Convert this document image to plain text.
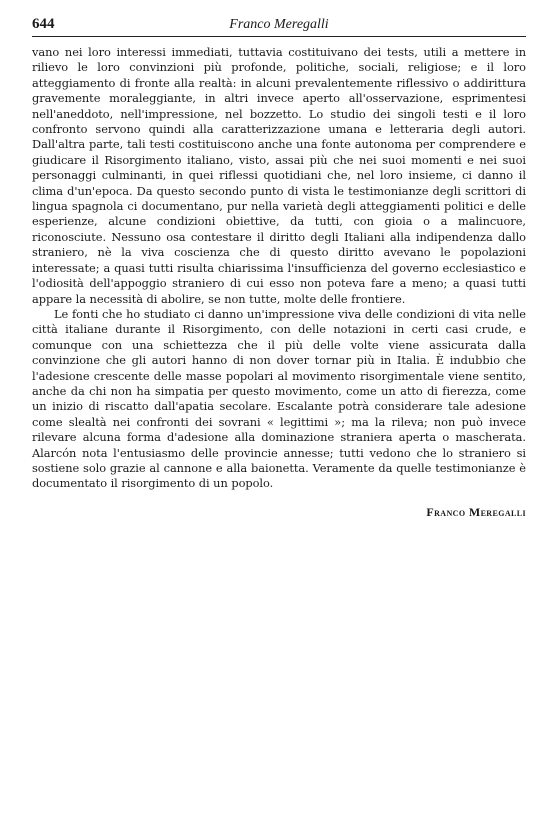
644	Franco Meregalli

vano nei loro interessi immediati, tuttavia costituivano dei tests, utili a mettere in rilievo le loro convinzioni più profonde, politiche, sociali, religiose; e il loro atteggiamento di fronte alla realtà: in alcuni prevalentemente riflessivo o addirittura gravemente moraleggiante, in altri invece aperto all'osservazione, esprimentesi nell'aneddoto, nell'impressione, nel bozzetto. Lo studio dei singoli testi e il loro confronto servono quindi alla caratterizzazione umana e letteraria degli autori. Dall'altra parte, tali testi costituiscono anche una fonte autonoma per comprendere e giudicare il Risorgimento italiano, visto, assai più che nei suoi momenti e nei suoi personaggi culminanti, in quei riflessi quotidiani che, nel loro insieme, ci danno il clima d'un'epoca. Da questo secondo punto di vista le testimonianze degli scrittori di lingua spagnola ci documentano, pur nella varietà degli atteggiamenti politici e delle esperienze, alcune condizioni obiettive, da tutti, con gioia o a malincuore, riconosciute. Nessuno osa contestare il diritto degli Italiani alla indipendenza dallo straniero, nè la viva coscienza che di questo diritto avevano le popolazioni interessate; a quasi tutti risulta chiarissima l'insufficienza del governo ecclesiastico e l'odiosità dell'appoggio straniero di cui esso non poteva fare a meno; a quasi tutti appare la necessità di abolire, se non tutte, molte delle frontiere.

Le fonti che ho studiato ci danno un'impressione viva delle condizioni di vita nelle città italiane durante il Risorgimento, con delle notazioni in certi casi crude, e comunque con una schiettezza che il più delle volte viene assicurata dalla convinzione che gli autori hanno di non dover tornar più in Italia. È indubbio che l'adesione crescente delle masse popolari al movimento risorgimentale viene sentito, anche da chi non ha simpatia per questo movimento, come un atto di fierezza, come un inizio di riscatto dall'apatia secolare. Escalante potrà considerare tale adesione come slealtà nei confronti dei sovrani « legittimi »; ma la rileva; non può invece rilevare alcuna forma d'adesione alla dominazione straniera aperta o mascherata. Alarcón nota l'entusiasmo delle provincie annesse; tutti vedono che lo straniero si sostiene solo grazie al cannone e alla baionetta. Veramente da quelle testimonianze è documentato il risorgimento di un popolo.

Franco Meregalli
